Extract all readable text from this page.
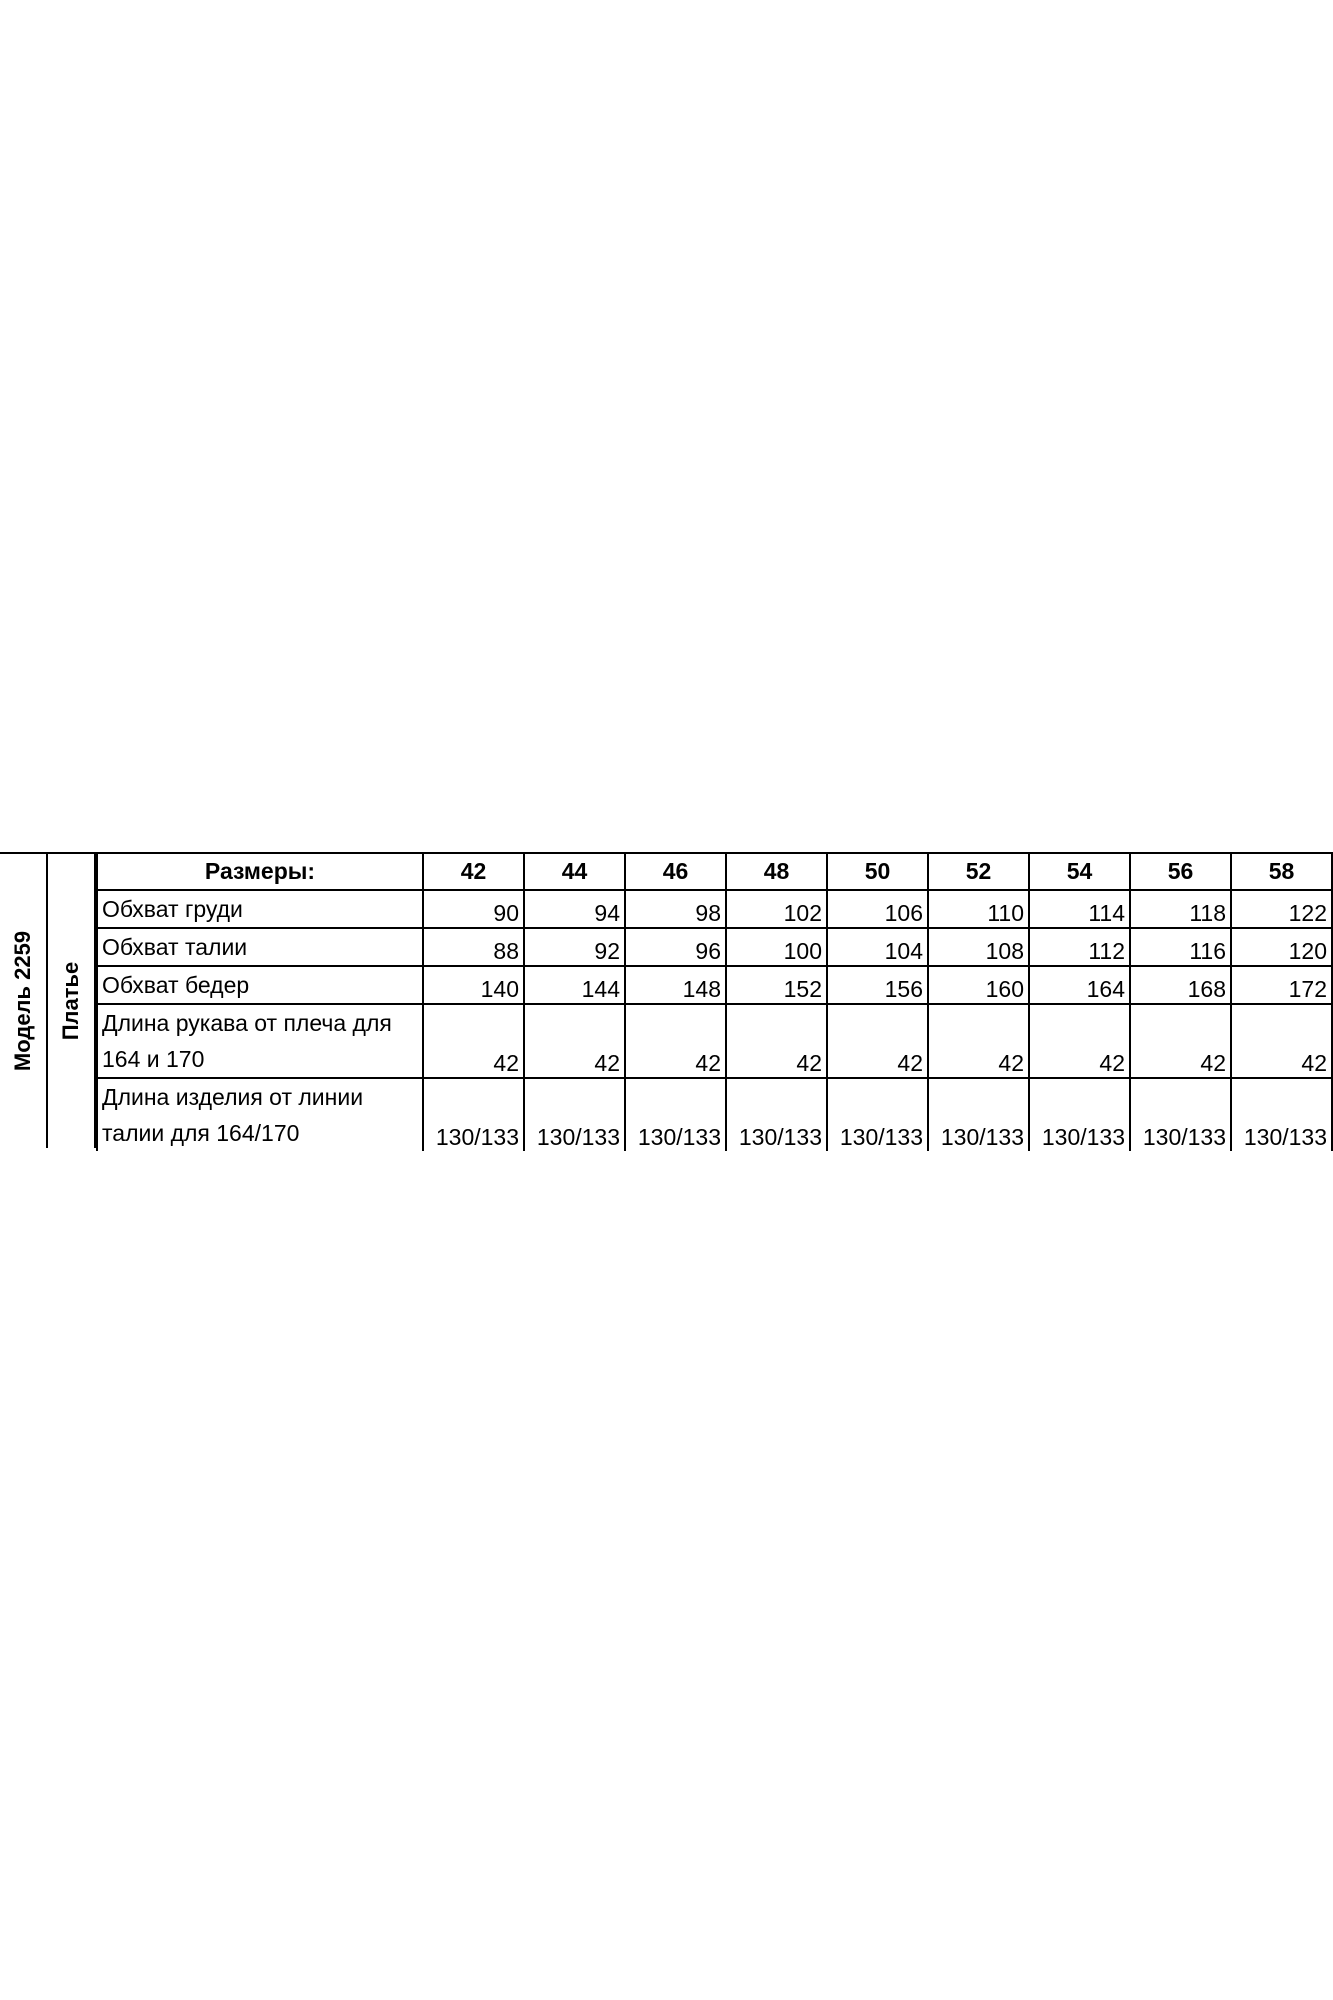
Модель 2259 Платье
Размеры:	42	44	46	48	50	52	54	56	58
Обхват груди	90	94	98	102	106	110	114	118	122
Обхват талии	88	92	96	100	104	108	112	116	120
Обхват бедер	140	144	148	152	156	160	164	168	172
Длина рукава от плеча для 164 и 170	42	42	42	42	42	42	42	42	42
Длина изделия от линии талии для 164/170	130/133	130/133	130/133	130/133	130/133	130/133	130/133	130/133	130/133
